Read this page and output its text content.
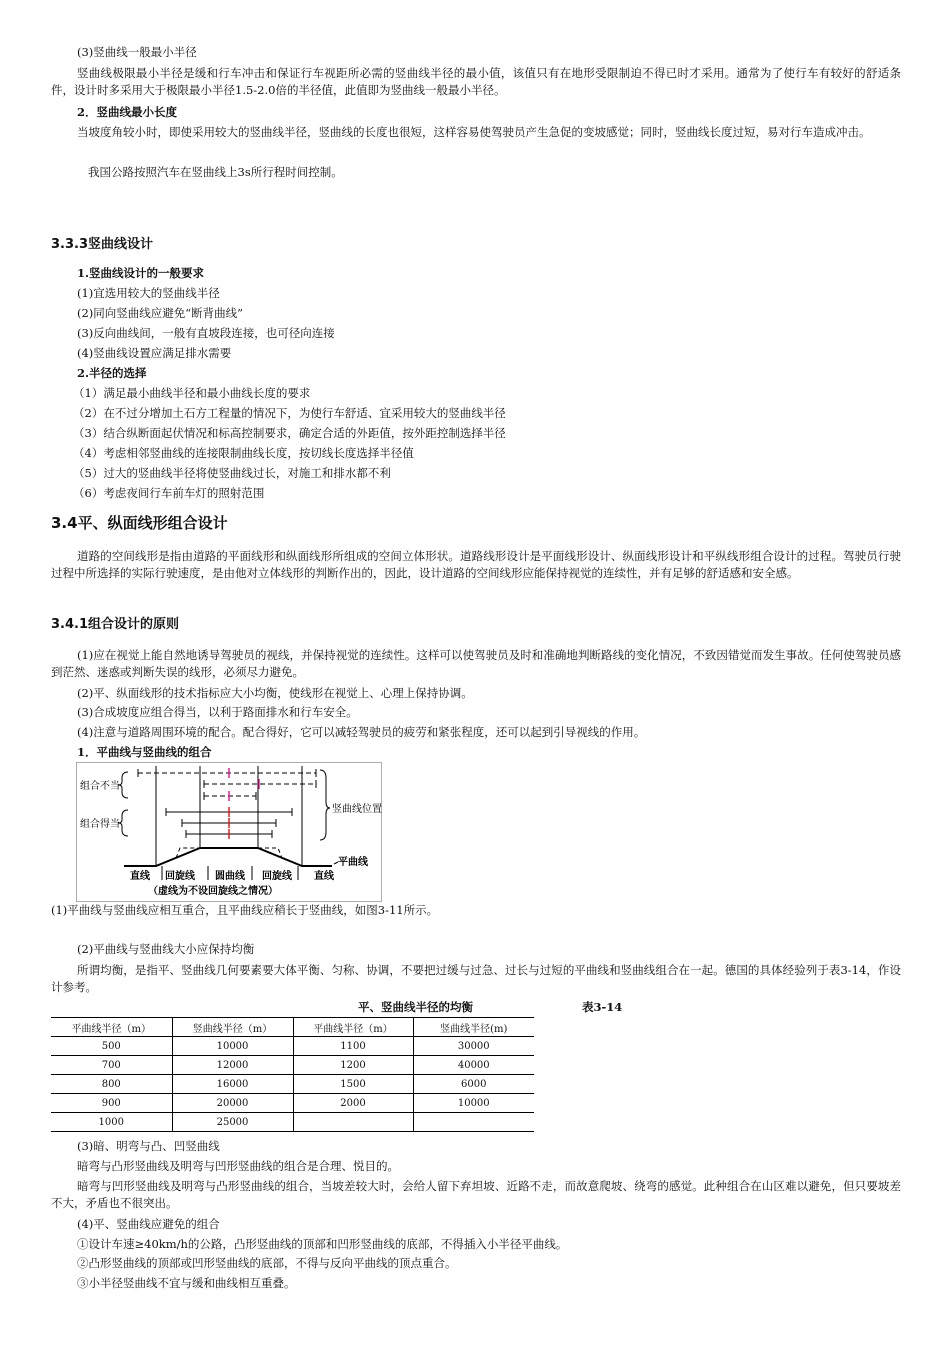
(3)竖曲线一般最小半径
竖曲线极限最小半径是缓和行车冲击和保证行车视距所必需的竖曲线半径的最小值，该值只有在地形受限制迫不得已时才采用。通常为了使行车有较好的舒适条件，设计时多采用大于极限最小半径1.5-2.0倍的半径值，此值即为竖曲线一般最小半径。
2．竖曲线最小长度
当坡度角较小时，即使采用较大的竖曲线半径，竖曲线的长度也很短，这样容易使驾驶员产生急促的变坡感觉；同时，竖曲线长度过短，易对行车造成冲击。
我国公路按照汽车在竖曲线上3s所行程时间控制。
3.3.3竖曲线设计
1.竖曲线设计的一般要求
(1)宜选用较大的竖曲线半径
(2)同向竖曲线应避免“断背曲线”
(3)反向曲线间，一般有直坡段连接，也可径向连接
(4)竖曲线设置应满足排水需要
2.半径的选择
（1）满足最小曲线半径和最小曲线长度的要求
（2）在不过分增加土石方工程量的情况下，为使行车舒适、宜采用较大的竖曲线半径
（3）结合纵断面起伏情况和标高控制要求，确定合适的外距值，按外距控制选择半径
（4）考虑相邻竖曲线的连接限制曲线长度，按切线长度选择半径值
（5）过大的竖曲线半径将使竖曲线过长，对施工和排水都不利
（6）考虑夜间行车前车灯的照射范围
3.4平、纵面线形组合设计
道路的空间线形是指由道路的平面线形和纵面线形所组成的空间立体形状。道路线形设计是平面线形设计、纵面线形设计和平纵线形组合设计的过程。驾驶员行驶过程中所选择的实际行驶速度，是由他对立体线形的判断作出的，因此，设计道路的空间线形应能保持视觉的连续性，并有足够的舒适感和安全感。
3.4.1组合设计的原则
(1)应在视觉上能自然地诱导驾驶员的视线，并保持视觉的连续性。这样可以使驾驶员及时和准确地判断路线的变化情况，不致因错觉而发生事故。任何使驾驶员感到茫然、迷惑或判断失误的线形，必须尽力避免。
(2)平、纵面线形的技术指标应大小均衡，使线形在视觉上、心理上保持协调。
(3)合成坡度应组合得当，以利于路面排水和行车安全。
(4)注意与道路周围环境的配合。配合得好，它可以减轻驾驶员的疲劳和紧张程度，还可以起到引导视线的作用。
1．平曲线与竖曲线的组合
组合不当
组合得当
竖曲线位置
平曲线
直线 回旋线 圆曲线 回旋线 直线
（虚线为不设回旋线之情况）
(1)平曲线与竖曲线应相互重合，且平曲线应稍长于竖曲线，如图3-11所示。
(2)平曲线与竖曲线大小应保持均衡
所谓均衡，是指平、竖曲线几何要素要大体平衡、匀称、协调，不要把过缓与过急、过长与过短的平曲线和竖曲线组合在一起。德国的具体经验列于表3-14，作设计参考。
平、竖曲线半径的均衡	表3-14
平曲线半径（m）	竖曲线半径（m）	平曲线半径（m）	竖曲线半径(m)
500	10000	1100	30000
700	12000	1200	40000
800	16000	1500	6000
900	20000	2000	10000
1000	25000		
(3)暗、明弯与凸、凹竖曲线
暗弯与凸形竖曲线及明弯与凹形竖曲线的组合是合理、悦目的。
暗弯与凹形竖曲线及明弯与凸形竖曲线的组合，当坡差较大时，会给人留下弃坦坡、近路不走，而故意爬坡、绕弯的感觉。此种组合在山区难以避免，但只要坡差不大，矛盾也不很突出。
(4)平、竖曲线应避免的组合
①设计车速≥40km/h的公路，凸形竖曲线的顶部和凹形竖曲线的底部，不得插入小半径平曲线。
②凸形竖曲线的顶部或凹形竖曲线的底部，不得与反向平曲线的顶点重合。
③小半径竖曲线不宜与缓和曲线相互重叠。
